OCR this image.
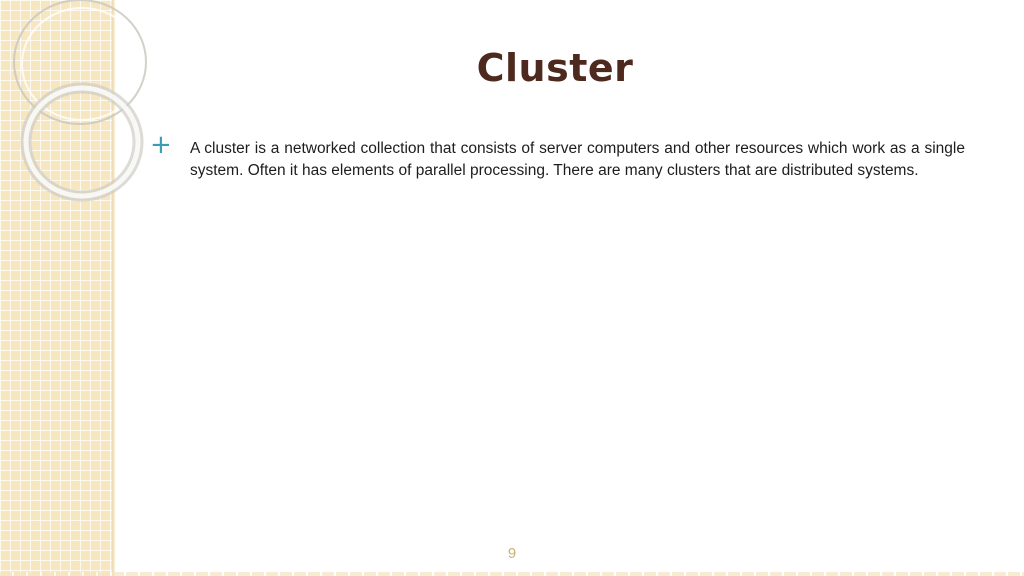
Cluster
+ A cluster is a networked collection that consists of server computers and other resources which work as a single system. Often it has elements of parallel processing. There are many clusters that are distributed systems.

9
